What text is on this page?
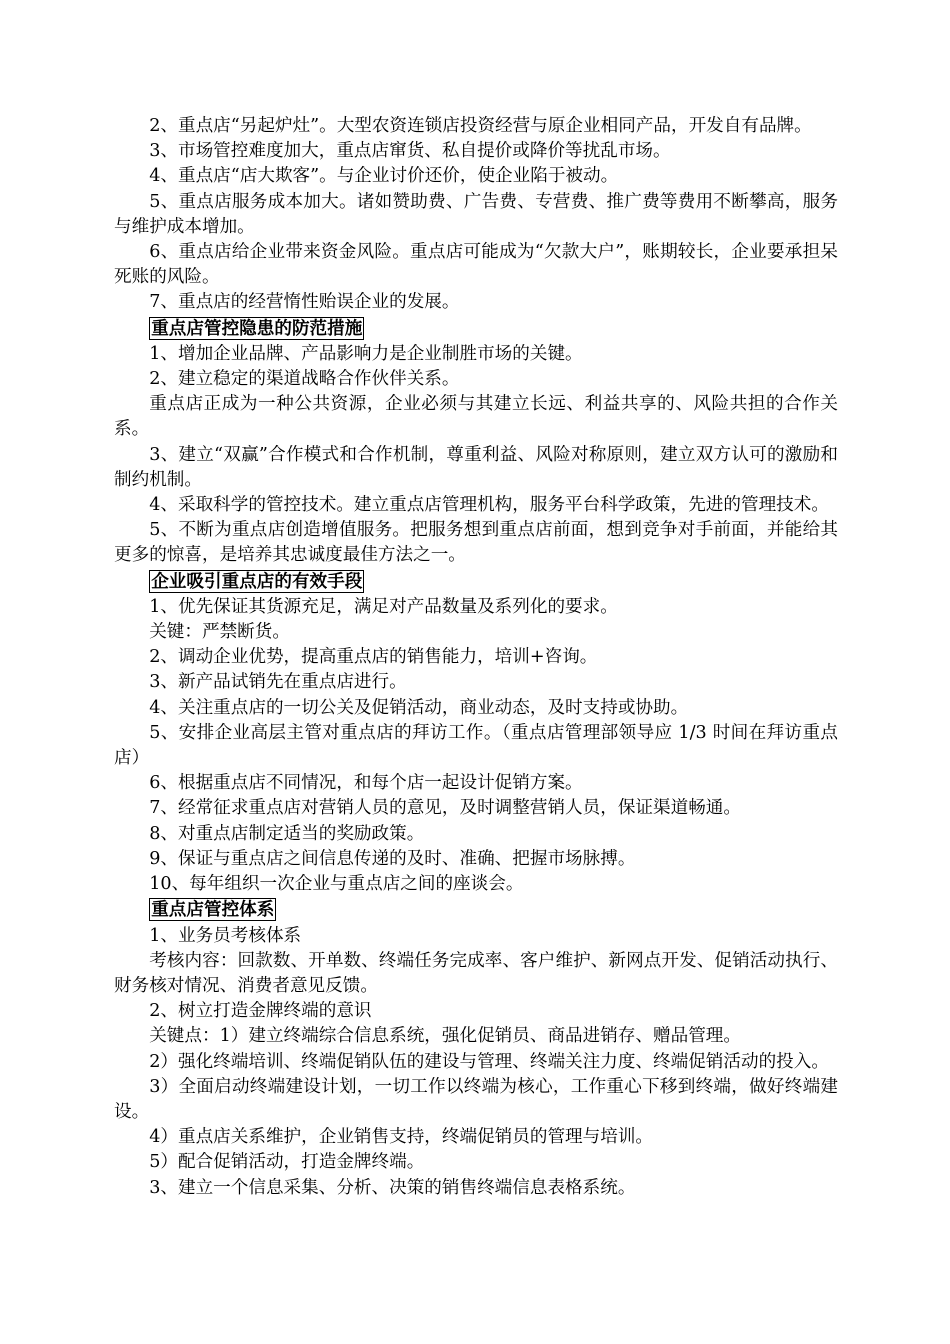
2、重点店“另起炉灶”。大型农资连锁店投资经营与原企业相同产品，开发自有品牌。

3、市场管控难度加大，重点店窜货、私自提价或降价等扰乱市场。

4、重点店“店大欺客”。与企业讨价还价，使企业陷于被动。

5、重点店服务成本加大。诸如赞助费、广告费、专营费、推广费等费用不断攀高，服务与维护成本增加。

6、重点店给企业带来资金风险。重点店可能成为“欠款大户”，账期较长，企业要承担呆死账的风险。

7、重点店的经营惰性贻误企业的发展。

重点店管控隐患的防范措施

1、增加企业品牌、产品影响力是企业制胜市场的关键。

2、建立稳定的渠道战略合作伙伴关系。

重点店正成为一种公共资源，企业必须与其建立长远、利益共享的、风险共担的合作关系。

3、建立“双赢”合作模式和合作机制，尊重利益、风险对称原则，建立双方认可的激励和制约机制。

4、采取科学的管控技术。建立重点店管理机构，服务平台科学政策，先进的管理技术。

5、不断为重点店创造增值服务。把服务想到重点店前面，想到竞争对手前面，并能给其更多的惊喜，是培养其忠诚度最佳方法之一。

企业吸引重点店的有效手段

1、优先保证其货源充足，满足对产品数量及系列化的要求。

关键：严禁断货。

2、调动企业优势，提高重点店的销售能力，培训+咨询。

3、新产品试销先在重点店进行。

4、关注重点店的一切公关及促销活动，商业动态，及时支持或协助。

5、安排企业高层主管对重点店的拜访工作。（重点店管理部领导应 1/3 时间在拜访重点店）

6、根据重点店不同情况，和每个店一起设计促销方案。

7、经常征求重点店对营销人员的意见，及时调整营销人员，保证渠道畅通。

8、对重点店制定适当的奖励政策。

9、保证与重点店之间信息传递的及时、准确、把握市场脉搏。

10、每年组织一次企业与重点店之间的座谈会。

重点店管控体系

1、业务员考核体系

考核内容：回款数、开单数、终端任务完成率、客户维护、新网点开发、促销活动执行、财务核对情况、消费者意见反馈。

2、树立打造金牌终端的意识

关键点：1）建立终端综合信息系统，强化促销员、商品进销存、赠品管理。

2）强化终端培训、终端促销队伍的建设与管理、终端关注力度、终端促销活动的投入。

3）全面启动终端建设计划，一切工作以终端为核心，工作重心下移到终端，做好终端建设。

4）重点店关系维护，企业销售支持，终端促销员的管理与培训。

5）配合促销活动，打造金牌终端。

3、建立一个信息采集、分析、决策的销售终端信息表格系统。
